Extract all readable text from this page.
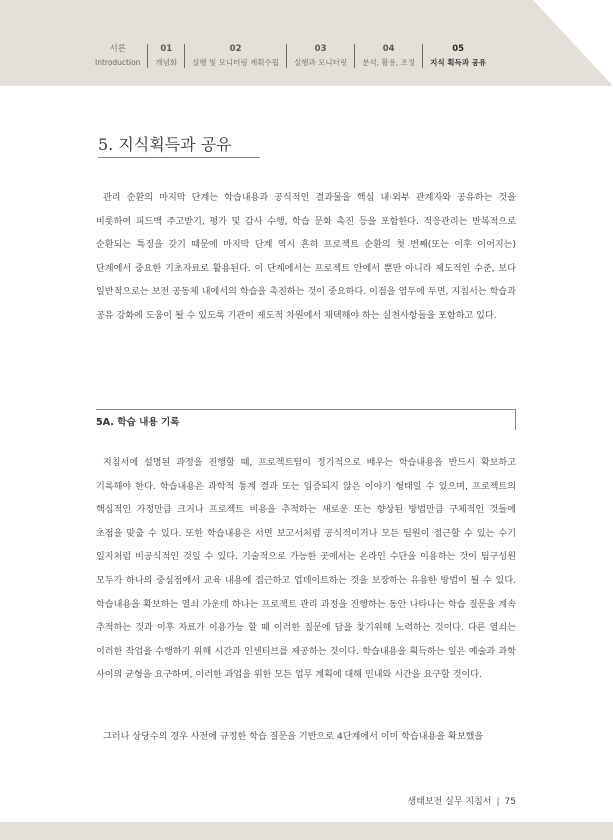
서론
Introduction
01
개념화
02
실행 및 모니터링 계획수립
03
실행과 모니터링
04
분석, 활용, 조정
05
지식 획득과 공유
5. 지식획득과 공유

관리 순환의 마지막 단계는 학습내용과 공식적인 결과물을 핵심 내·외부 관계자와 공유하는 것을 비롯하여 피드백 주고받기, 평가 및 감사 수행, 학습 문화 촉진 등을 포함한다. 적응관리는 반복적으로 순환되는 특징을 갖기 때문에 마지막 단계 역시 흔히 프로젝트 순환의 첫 번째(또는 이후 이어지는) 단계에서 중요한 기초자료로 활용된다. 이 단계에서는 프로젝트 안에서 뿐만 아니라 제도적인 수준, 보다 일반적으로는 보전 공동체 내에서의 학습을 촉진하는 것이 중요하다. 이점을 염두에 두면, 지침서는 학습과 공유 강화에 도움이 될 수 있도록 기관이 제도적 차원에서 채택해야 하는 실천사항들을 포함하고 있다.

5A. 학습 내용 기록

지침서에 설명된 과정을 진행할 때, 프로젝트팀이 정기적으로 배우는 학습내용을 반드시 확보하고 기록해야 한다. 학습내용은 과학적 통계 결과 또는 입증되지 않은 이야기 형태일 수 있으며, 프로젝트의 핵심적인 가정만큼 크거나 프로젝트 비용을 추적하는 새로운 또는 향상된 방법만큼 구체적인 것들에 초점을 맞출 수 있다. 또한 학습내용은 서면 보고서처럼 공식적이거나 모든 팀원이 접근할 수 있는 수기 일지처럼 비공식적인 것일 수 있다. 기술적으로 가능한 곳에서는 온라인 수단을 이용하는 것이 팀구성원 모두가 하나의 중심점에서 교육 내용에 접근하고 업데이트하는 것을 보장하는 유용한 방법이 될 수 있다. 학습내용을 확보하는 열쇠 가운데 하나는 프로젝트 관리 과정을 진행하는 동안 나타나는 학습 질문을 계속 추적하는 것과 이후 자료가 이용가능 할 때 이러한 질문에 답을 찾기위해 노력하는 것이다. 다른 열쇠는 이러한 작업을 수행하기 위해 시간과 인센티브를 제공하는 것이다. 학습내용을 획득하는 일은 예술과 과학 사이의 균형을 요구하며, 이러한 과업을 위한 모든 업무 계획에 대해 인내와 시간을 요구할 것이다.

그러나 상당수의 경우 사전에 규정한 학습 질문을 기반으로 4단계에서 이미 학습내용을 확보했을

생태보전 실무 지침서 | 75
